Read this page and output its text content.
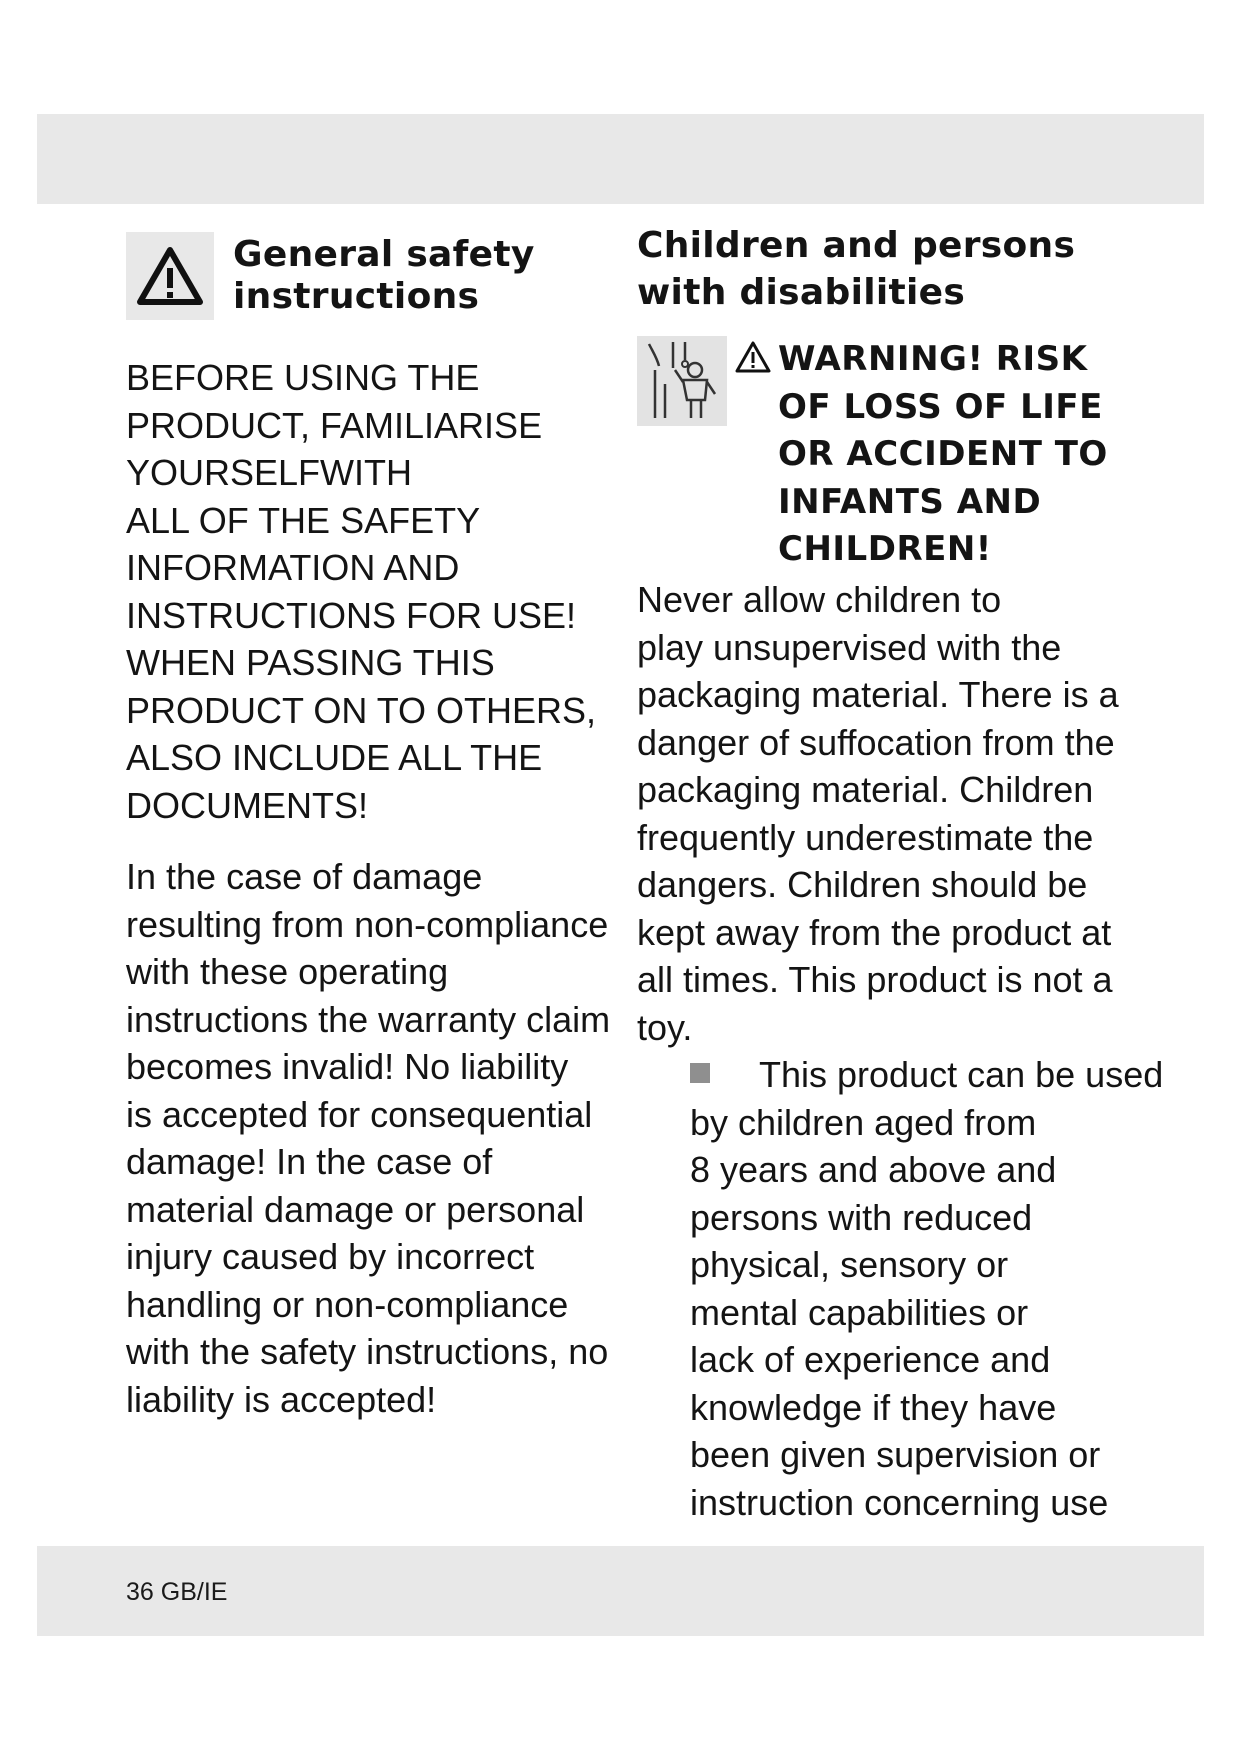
General safety
instructions
BEFORE USING THE
PRODUCT, FAMILIARISE
YOURSELFWITH
ALL OF THE SAFETY
INFORMATION AND
INSTRUCTIONS FOR USE!
WHEN PASSING THIS
PRODUCT ON TO OTHERS,
ALSO INCLUDE ALL THE
DOCUMENTS!
In the case of damage
resulting from non-compliance
with these operating
instructions the warranty claim
becomes invalid! No liability
is accepted for consequential
damage! In the case of
material damage or personal
injury caused by incorrect
handling or non-compliance
with the safety instructions, no
liability is accepted!
Children and persons
with disabilities
WARNING! RISK
OF LOSS OF LIFE
OR ACCIDENT TO
INFANTS AND
CHILDREN!
Never allow children to
play unsupervised with the
packaging material. There is a
danger of suffocation from the
packaging material. Children
frequently underestimate the
dangers. Children should be
kept away from the product at
all times. This product is not a
toy.
This product can be used
by children aged from
8 years and above and
persons with reduced
physical, sensory or
mental capabilities or
lack of experience and
knowledge if they have
been given supervision or
instruction concerning use
36 GB/IE
